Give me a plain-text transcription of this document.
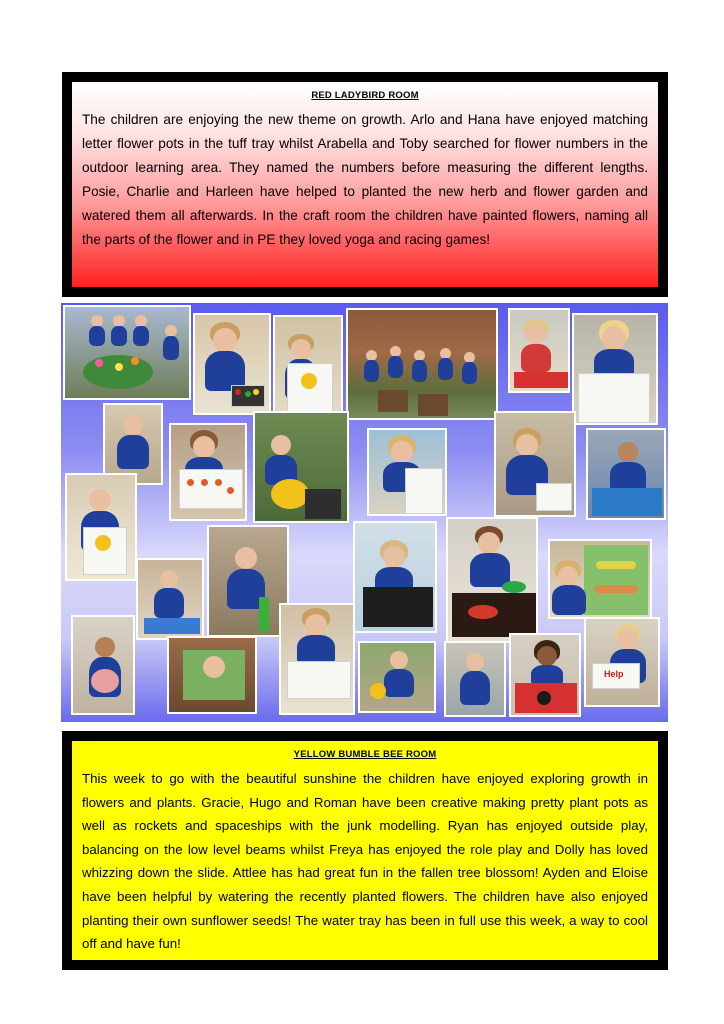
RED LADYBIRD ROOM

The children are enjoying the new theme on growth. Arlo and Hana have enjoyed matching letter flower pots in the tuff tray whilst Arabella and Toby searched for flower numbers in the outdoor learning area. They named the numbers before measuring the different lengths. Posie, Charlie and Harleen have helped to planted the new herb and flower garden and watered them all afterwards. In the craft room the children have painted flowers, naming all the parts of the flower and in PE they loved yoga and racing games!

Help

YELLOW BUMBLE BEE ROOM

This week to go with the beautiful sunshine the children have enjoyed exploring growth in flowers and plants. Gracie, Hugo and Roman have been creative making pretty plant pots as well as rockets and spaceships with the junk modelling. Ryan has enjoyed outside play, balancing on the low level beams whilst Freya has enjoyed the role play and Dolly has loved whizzing down the slide. Attlee has had great fun in the fallen tree blossom! Ayden and Eloise have been helpful by watering the recently planted flowers. The children have also enjoyed planting their own sunflower seeds! The water tray has been in full use this week, a way to cool off and have fun!
